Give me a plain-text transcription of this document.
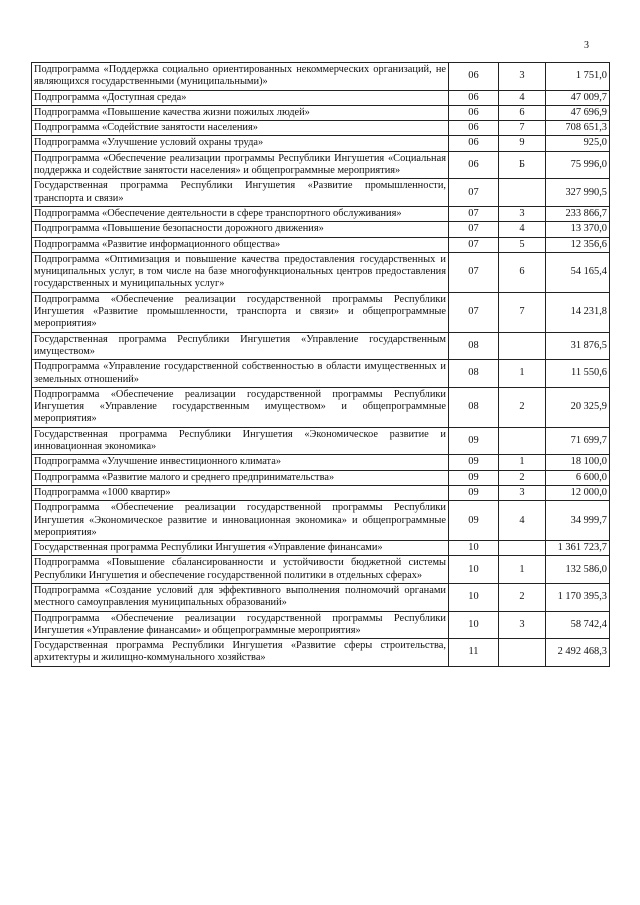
3
Подпрограмма «Поддержка социально ориентированных некоммерческих организаций, не являющихся государственными (муниципальными)»	06	3	1 751,0
Подпрограмма «Доступная среда»	06	4	47 009,7
Подпрограмма «Повышение качества жизни пожилых людей»	06	6	47 696,9
Подпрограмма «Содействие занятости населения»	06	7	708 651,3
Подпрограмма «Улучшение условий охраны труда»	06	9	925,0
Подпрограмма «Обеспечение реализации программы Республики Ингушетия «Социальная поддержка и содействие занятости населения» и общепрограммные мероприятия»	06	Б	75 996,0
Государственная программа Республики Ингушетия «Развитие промышленности, транспорта и связи»	07		327 990,5
Подпрограмма «Обеспечение деятельности в сфере транспортного обслуживания»	07	3	233 866,7
Подпрограмма «Повышение безопасности дорожного движения»	07	4	13 370,0
Подпрограмма «Развитие информационного общества»	07	5	12 356,6
Подпрограмма «Оптимизация и повышение качества предоставления государственных и муниципальных услуг, в том числе на базе многофункциональных центров предоставления государственных и муниципальных услуг»	07	6	54 165,4
Подпрограмма «Обеспечение реализации государственной программы Республики Ингушетия «Развитие промышленности, транспорта и связи» и общепрограммные мероприятия»	07	7	14 231,8
Государственная программа Республики Ингушетия «Управление государственным имуществом»	08		31 876,5
Подпрограмма «Управление государственной собственностью в области имущественных и земельных отношений»	08	1	11 550,6
Подпрограмма «Обеспечение реализации государственной программы Республики Ингушетия «Управление государственным имуществом» и общепрограммные мероприятия»	08	2	20 325,9
Государственная программа Республики Ингушетия «Экономическое развитие и инновационная экономика»	09		71 699,7
Подпрограмма «Улучшение инвестиционного климата»	09	1	18 100,0
Подпрограмма «Развитие малого и среднего предпринимательства»	09	2	6 600,0
Подпрограмма «1000 квартир»	09	3	12 000,0
Подпрограмма «Обеспечение реализации государственной программы Республики Ингушетия «Экономическое развитие и инновационная экономика» и общепрограммные мероприятия»	09	4	34 999,7
Государственная программа Республики Ингушетия «Управление финансами»	10		1 361 723,7
Подпрограмма «Повышение сбалансированности и устойчивости бюджетной системы Республики Ингушетия и обеспечение государственной политики в отдельных сферах»	10	1	132 586,0
Подпрограмма «Создание условий для эффективного выполнения полномочий органами местного самоуправления муниципальных образований»	10	2	1 170 395,3
Подпрограмма «Обеспечение реализации государственной программы Республики Ингушетия «Управление финансами» и общепрограммные мероприятия»	10	3	58 742,4
Государственная программа Республики Ингушетия «Развитие сферы строительства, архитектуры и жилищно-коммунального хозяйства»	11		2 492 468,3
